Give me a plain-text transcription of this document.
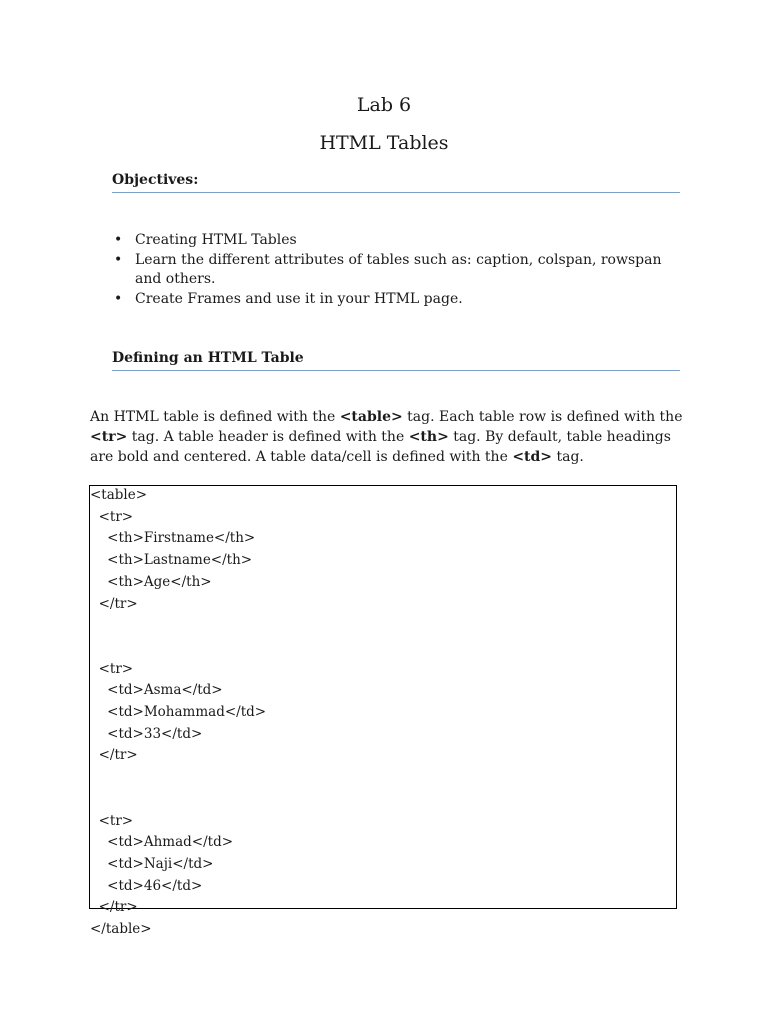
Lab 6
HTML Tables
Objectives:
• Creating HTML Tables
• Learn the different attributes of tables such as: caption, colspan, rowspan and others.
• Create Frames and use it in your HTML page.
Defining an HTML Table

An HTML table is defined with the <table> tag. Each table row is defined with the <tr> tag. A table header is defined with the <th> tag. By default, table headings are bold and centered. A table data/cell is defined with the <td> tag.

<table>
<tr>
<th>Firstname</th>
<th>Lastname</th>
<th>Age</th>
</tr>
<tr>
<td>Asma</td>
<td>Mohammad</td>
<td>33</td>
</tr>
<tr>
<td>Ahmad</td>
<td>Naji</td>
<td>46</td>
</tr>
</table>
